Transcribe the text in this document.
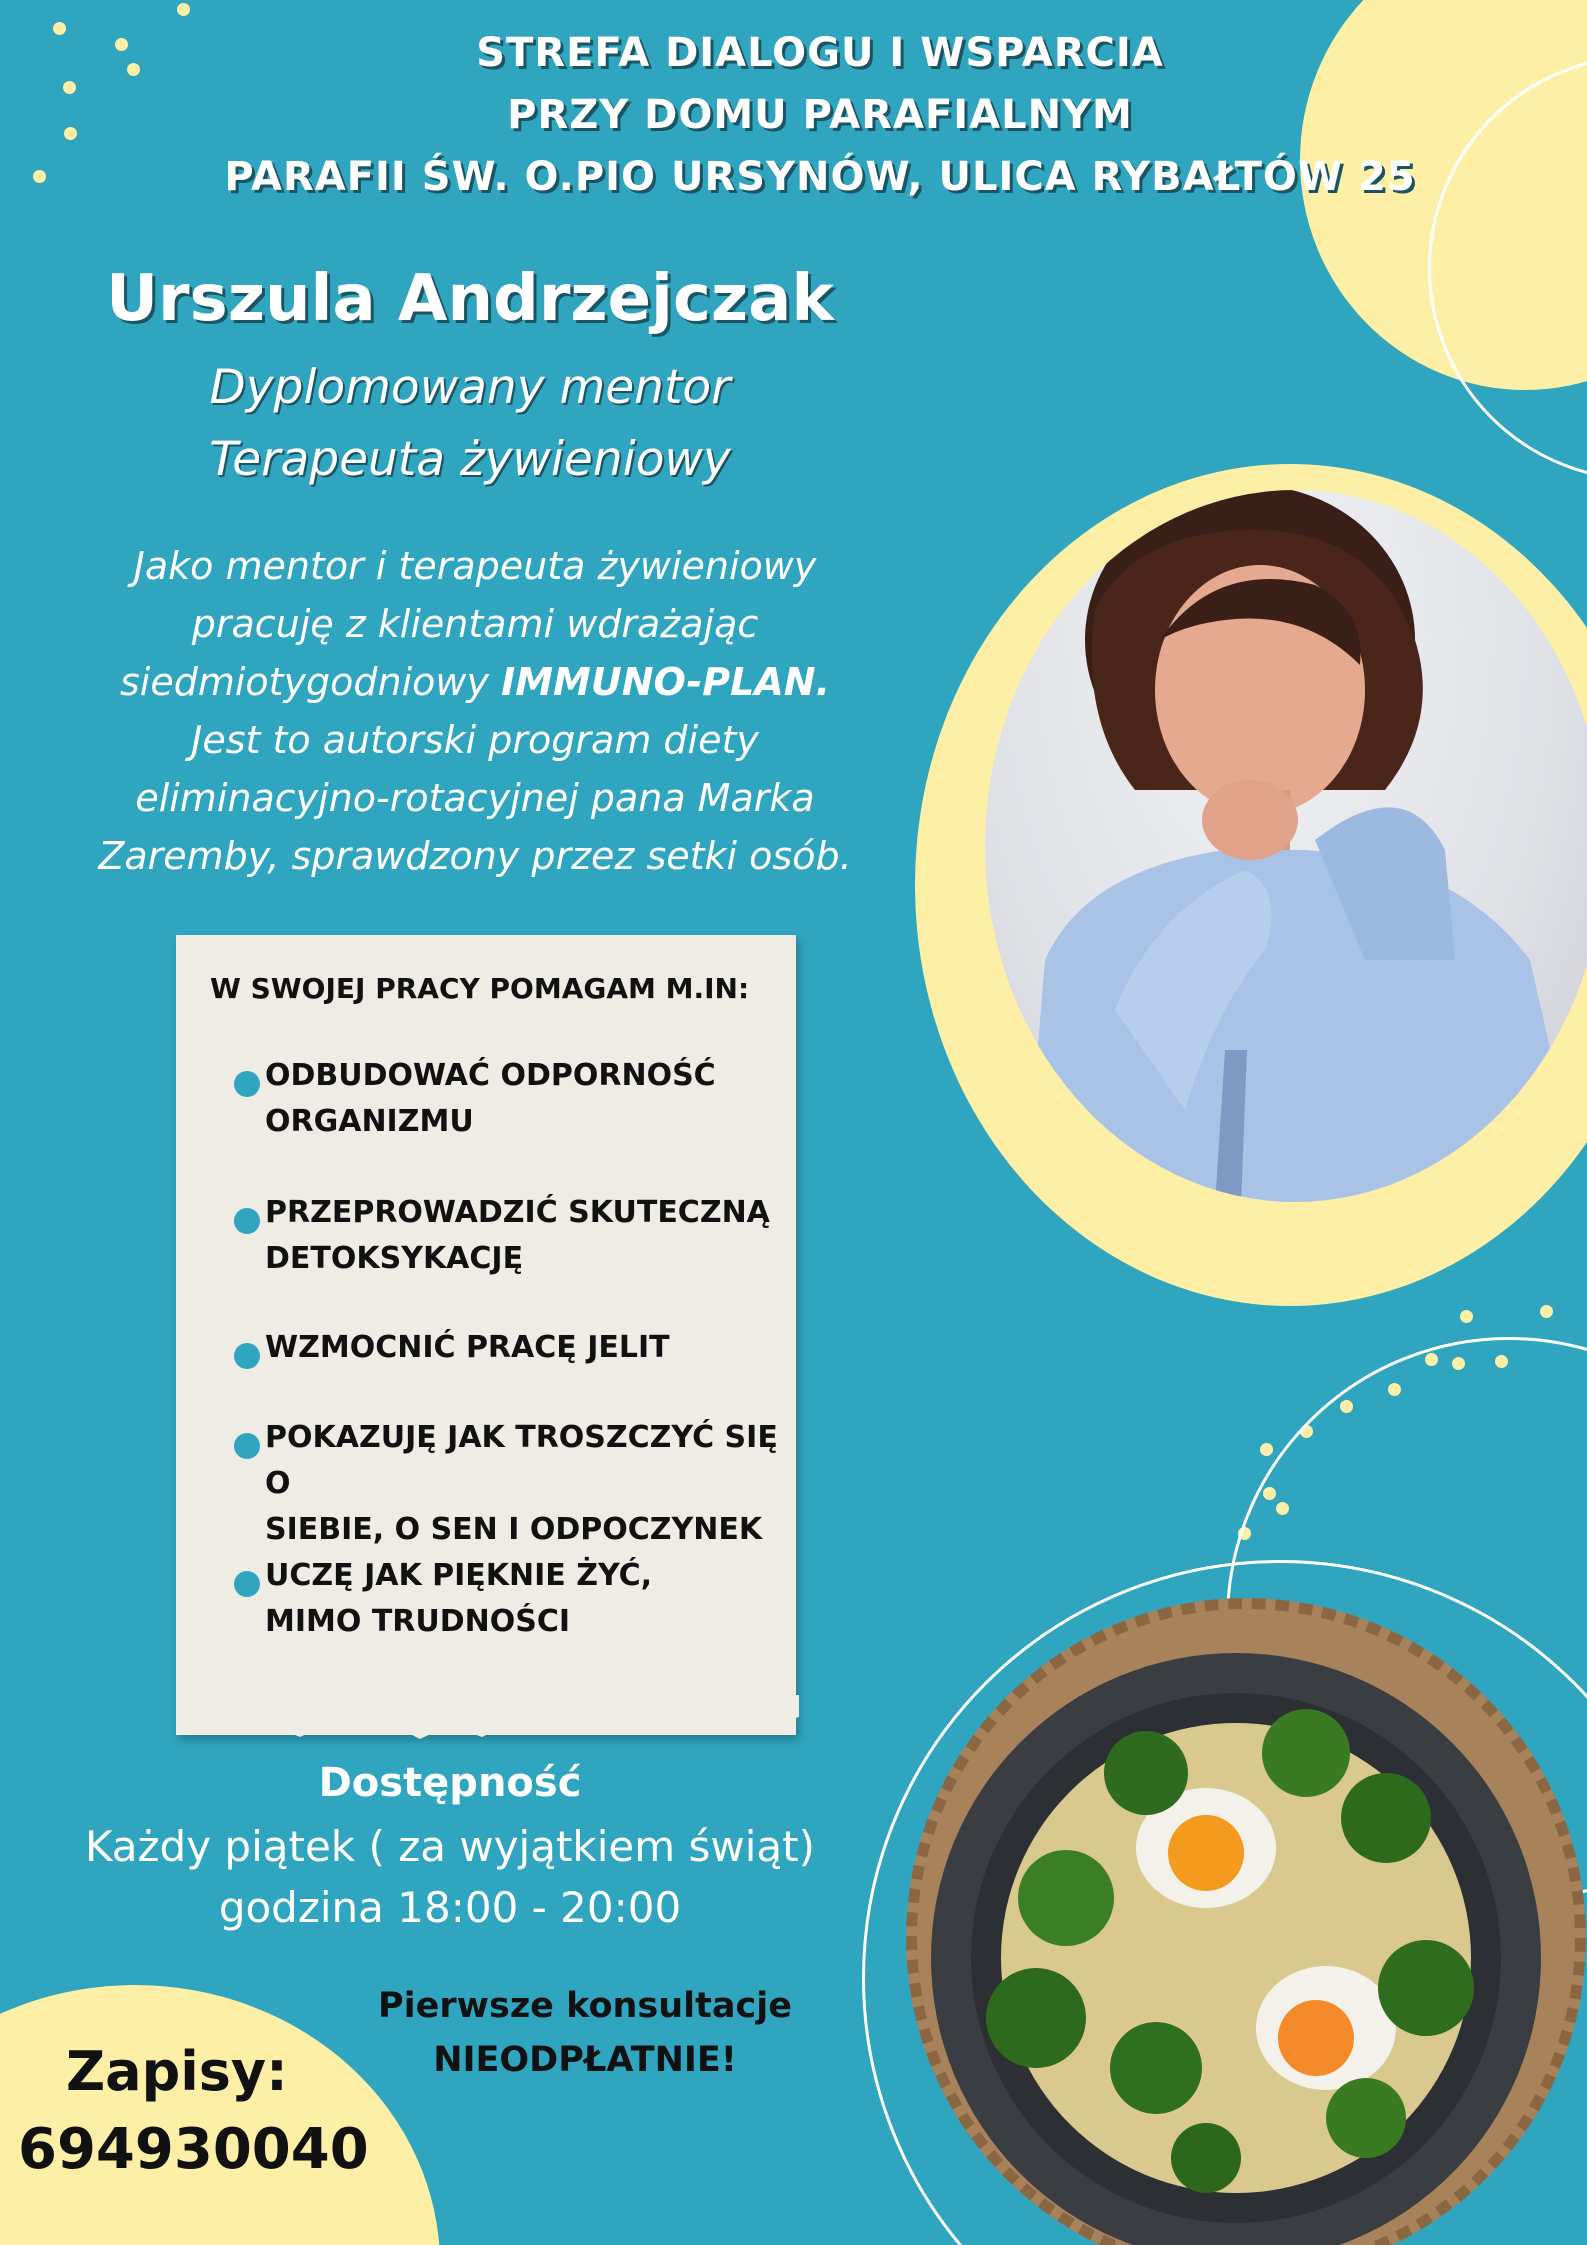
STREFA DIALOGU I WSPARCIA
PRZY DOMU PARAFIALNYM
PARAFII ŚW. O.PIO URSYNÓW, ULICA RYBAŁTÓW 25
Urszula Andrzejczak
Dyplomowany mentor
Terapeuta żywieniowy
Jako mentor i terapeuta żywieniowy
pracuję z klientami wdrażając
siedmiotygodniowy IMMUNO-PLAN.
Jest to autorski program diety
eliminacyjno-rotacyjnej pana Marka
Zaremby, sprawdzony przez setki osób.
W SWOJEJ PRACY POMAGAM M.IN:
ODBUDOWAĆ ODPORNOŚĆ
ORGANIZMU
PRZEPROWADZIĆ SKUTECZNĄ
DETOKSYKACJĘ
WZMOCNIĆ PRACĘ JELIT
POKAZUJĘ JAK TROSZCZYĆ SIĘ O
SIEBIE, O SEN I ODPOCZYNEK
UCZĘ JAK PIĘKNIE ŻYĆ,
MIMO TRUDNOŚCI
Dostępność
Każdy piątek ( za wyjątkiem świąt)
godzina 18:00 - 20:00
Pierwsze konsultacje
NIEODPŁATNIE!
Zapisy:
694930040
